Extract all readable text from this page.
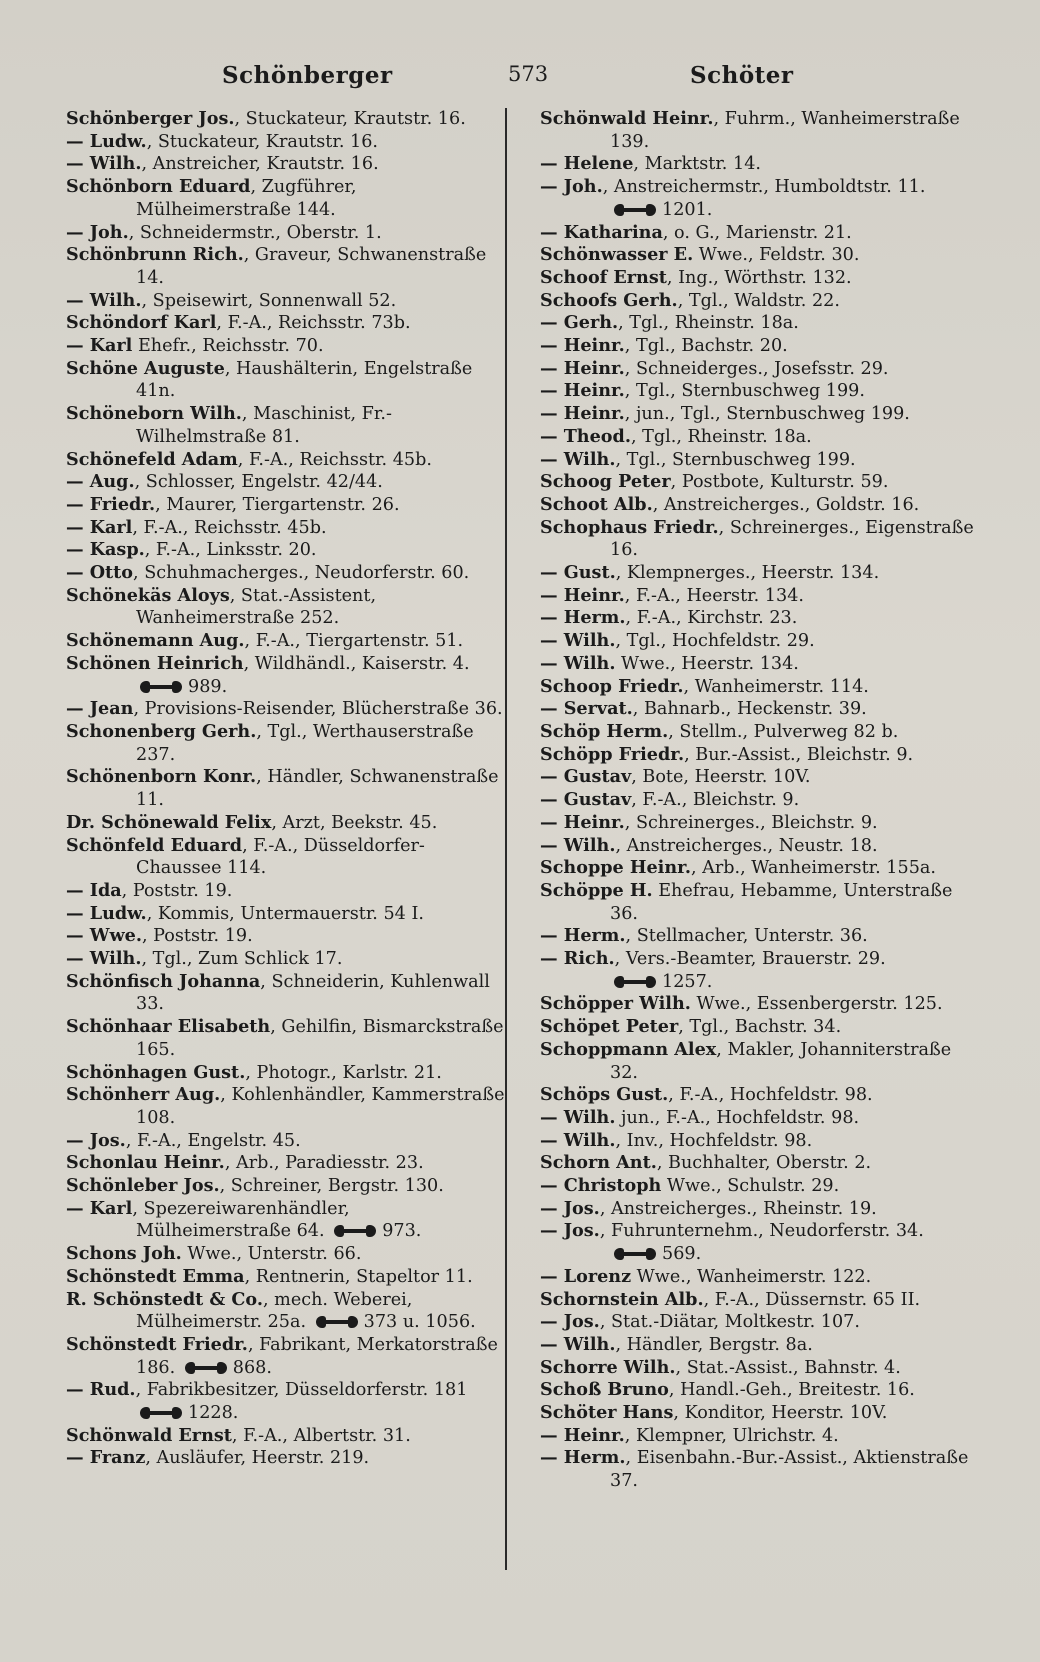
Schönberger	573	Schöter

Schönberger Jos., Stuckateur, Krautstr. 16.

— Ludw., Stuckateur, Krautstr. 16.

— Wilh., Anstreicher, Krautstr. 16.

Schönborn Eduard, Zugführer, Mülheimerstraße 144.

— Joh., Schneidermstr., Oberstr. 1.

Schönbrunn Rich., Graveur, Schwanenstraße 14.

— Wilh., Speisewirt, Sonnenwall 52.

Schöndorf Karl, F.-A., Reichsstr. 73b.

— Karl Ehefr., Reichsstr. 70.

Schöne Auguste, Haushälterin, Engelstraße 41n.

Schöneborn Wilh., Maschinist, Fr.-Wilhelmstraße 81.

Schönefeld Adam, F.-A., Reichsstr. 45b.

— Aug., Schlosser, Engelstr. 42/44.

— Friedr., Maurer, Tiergartenstr. 26.

— Karl, F.-A., Reichsstr. 45b.

— Kasp., F.-A., Linksstr. 20.

— Otto, Schuhmacherges., Neudorferstr. 60.

Schönekäs Aloys, Stat.-Assistent, Wanheimerstraße 252.

Schönemann Aug., F.-A., Tiergartenstr. 51.

Schönen Heinrich, Wildhändl., Kaiserstr. 4.
989.

— Jean, Provisions-Reisender, Blücherstraße 36.

Schonenberg Gerh., Tgl., Werthauserstraße 237.

Schönenborn Konr., Händler, Schwanenstraße 11.

Dr. Schönewald Felix, Arzt, Beekstr. 45.

Schönfeld Eduard, F.-A., Düsseldorfer-Chaussee 114.

— Ida, Poststr. 19.

— Ludw., Kommis, Untermauerstr. 54 I.

— Wwe., Poststr. 19.

— Wilh., Tgl., Zum Schlick 17.

Schönfisch Johanna, Schneiderin, Kuhlenwall 33.

Schönhaar Elisabeth, Gehilfin, Bismarckstraße 165.

Schönhagen Gust., Photogr., Karlstr. 21.

Schönherr Aug., Kohlenhändler, Kammerstraße 108.

— Jos., F.-A., Engelstr. 45.

Schonlau Heinr., Arb., Paradiesstr. 23.

Schönleber Jos., Schreiner, Bergstr. 130.

— Karl, Spezereiwarenhändler, Mülheimerstraße 64.	973.

Schons Joh. Wwe., Unterstr. 66.

Schönstedt Emma, Rentnerin, Stapeltor 11.

R. Schönstedt & Co., mech. Weberei, Mülheimerstr. 25a.	373 u. 1056.

Schönstedt Friedr., Fabrikant, Merkatorstraße 186.	868.

— Rud., Fabrikbesitzer, Düsseldorferstr. 181
1228.

Schönwald Ernst, F.-A., Albertstr. 31.

— Franz, Ausläufer, Heerstr. 219.

Schönwald Heinr., Fuhrm., Wanheimerstraße 139.

— Helene, Marktstr. 14.

— Joh., Anstreichermstr., Humboldtstr. 11.
1201.

— Katharina, o. G., Marienstr. 21.

Schönwasser E. Wwe., Feldstr. 30.

Schoof Ernst, Ing., Wörthstr. 132.

Schoofs Gerh., Tgl., Waldstr. 22.

— Gerh., Tgl., Rheinstr. 18a.

— Heinr., Tgl., Bachstr. 20.

— Heinr., Schneiderges., Josefsstr. 29.

— Heinr., Tgl., Sternbuschweg 199.

— Heinr., jun., Tgl., Sternbuschweg 199.

— Theod., Tgl., Rheinstr. 18a.

— Wilh., Tgl., Sternbuschweg 199.

Schoog Peter, Postbote, Kulturstr. 59.

Schoot Alb., Anstreicherges., Goldstr. 16.

Schophaus Friedr., Schreinerges., Eigenstraße 16.

— Gust., Klempnerges., Heerstr. 134.

— Heinr., F.-A., Heerstr. 134.

— Herm., F.-A., Kirchstr. 23.

— Wilh., Tgl., Hochfeldstr. 29.

— Wilh. Wwe., Heerstr. 134.

Schoop Friedr., Wanheimerstr. 114.

— Servat., Bahnarb., Heckenstr. 39.

Schöp Herm., Stellm., Pulverweg 82 b.

Schöpp Friedr., Bur.-Assist., Bleichstr. 9.

— Gustav, Bote, Heerstr. 10V.

— Gustav, F.-A., Bleichstr. 9.

— Heinr., Schreinerges., Bleichstr. 9.

— Wilh., Anstreicherges., Neustr. 18.

Schoppe Heinr., Arb., Wanheimerstr. 155a.

Schöppe H. Ehefrau, Hebamme, Unterstraße 36.

— Herm., Stellmacher, Unterstr. 36.

— Rich., Vers.-Beamter, Brauerstr. 29.
1257.

Schöpper Wilh. Wwe., Essenbergerstr. 125.

Schöpet Peter, Tgl., Bachstr. 34.

Schoppmann Alex, Makler, Johanniterstraße 32.

Schöps Gust., F.-A., Hochfeldstr. 98.

— Wilh. jun., F.-A., Hochfeldstr. 98.

— Wilh., Inv., Hochfeldstr. 98.

Schorn Ant., Buchhalter, Oberstr. 2.

— Christoph Wwe., Schulstr. 29.

— Jos., Anstreicherges., Rheinstr. 19.

— Jos., Fuhrunternehm., Neudorferstr. 34.
569.

— Lorenz Wwe., Wanheimerstr. 122.

Schornstein Alb., F.-A., Düssernstr. 65 II.

— Jos., Stat.-Diätar, Moltkestr. 107.

— Wilh., Händler, Bergstr. 8a.

Schorre Wilh., Stat.-Assist., Bahnstr. 4.

Schoß Bruno, Handl.-Geh., Breitestr. 16.

Schöter Hans, Konditor, Heerstr. 10V.

— Heinr., Klempner, Ulrichstr. 4.

— Herm., Eisenbahn.-Bur.-Assist., Aktienstraße 37.
